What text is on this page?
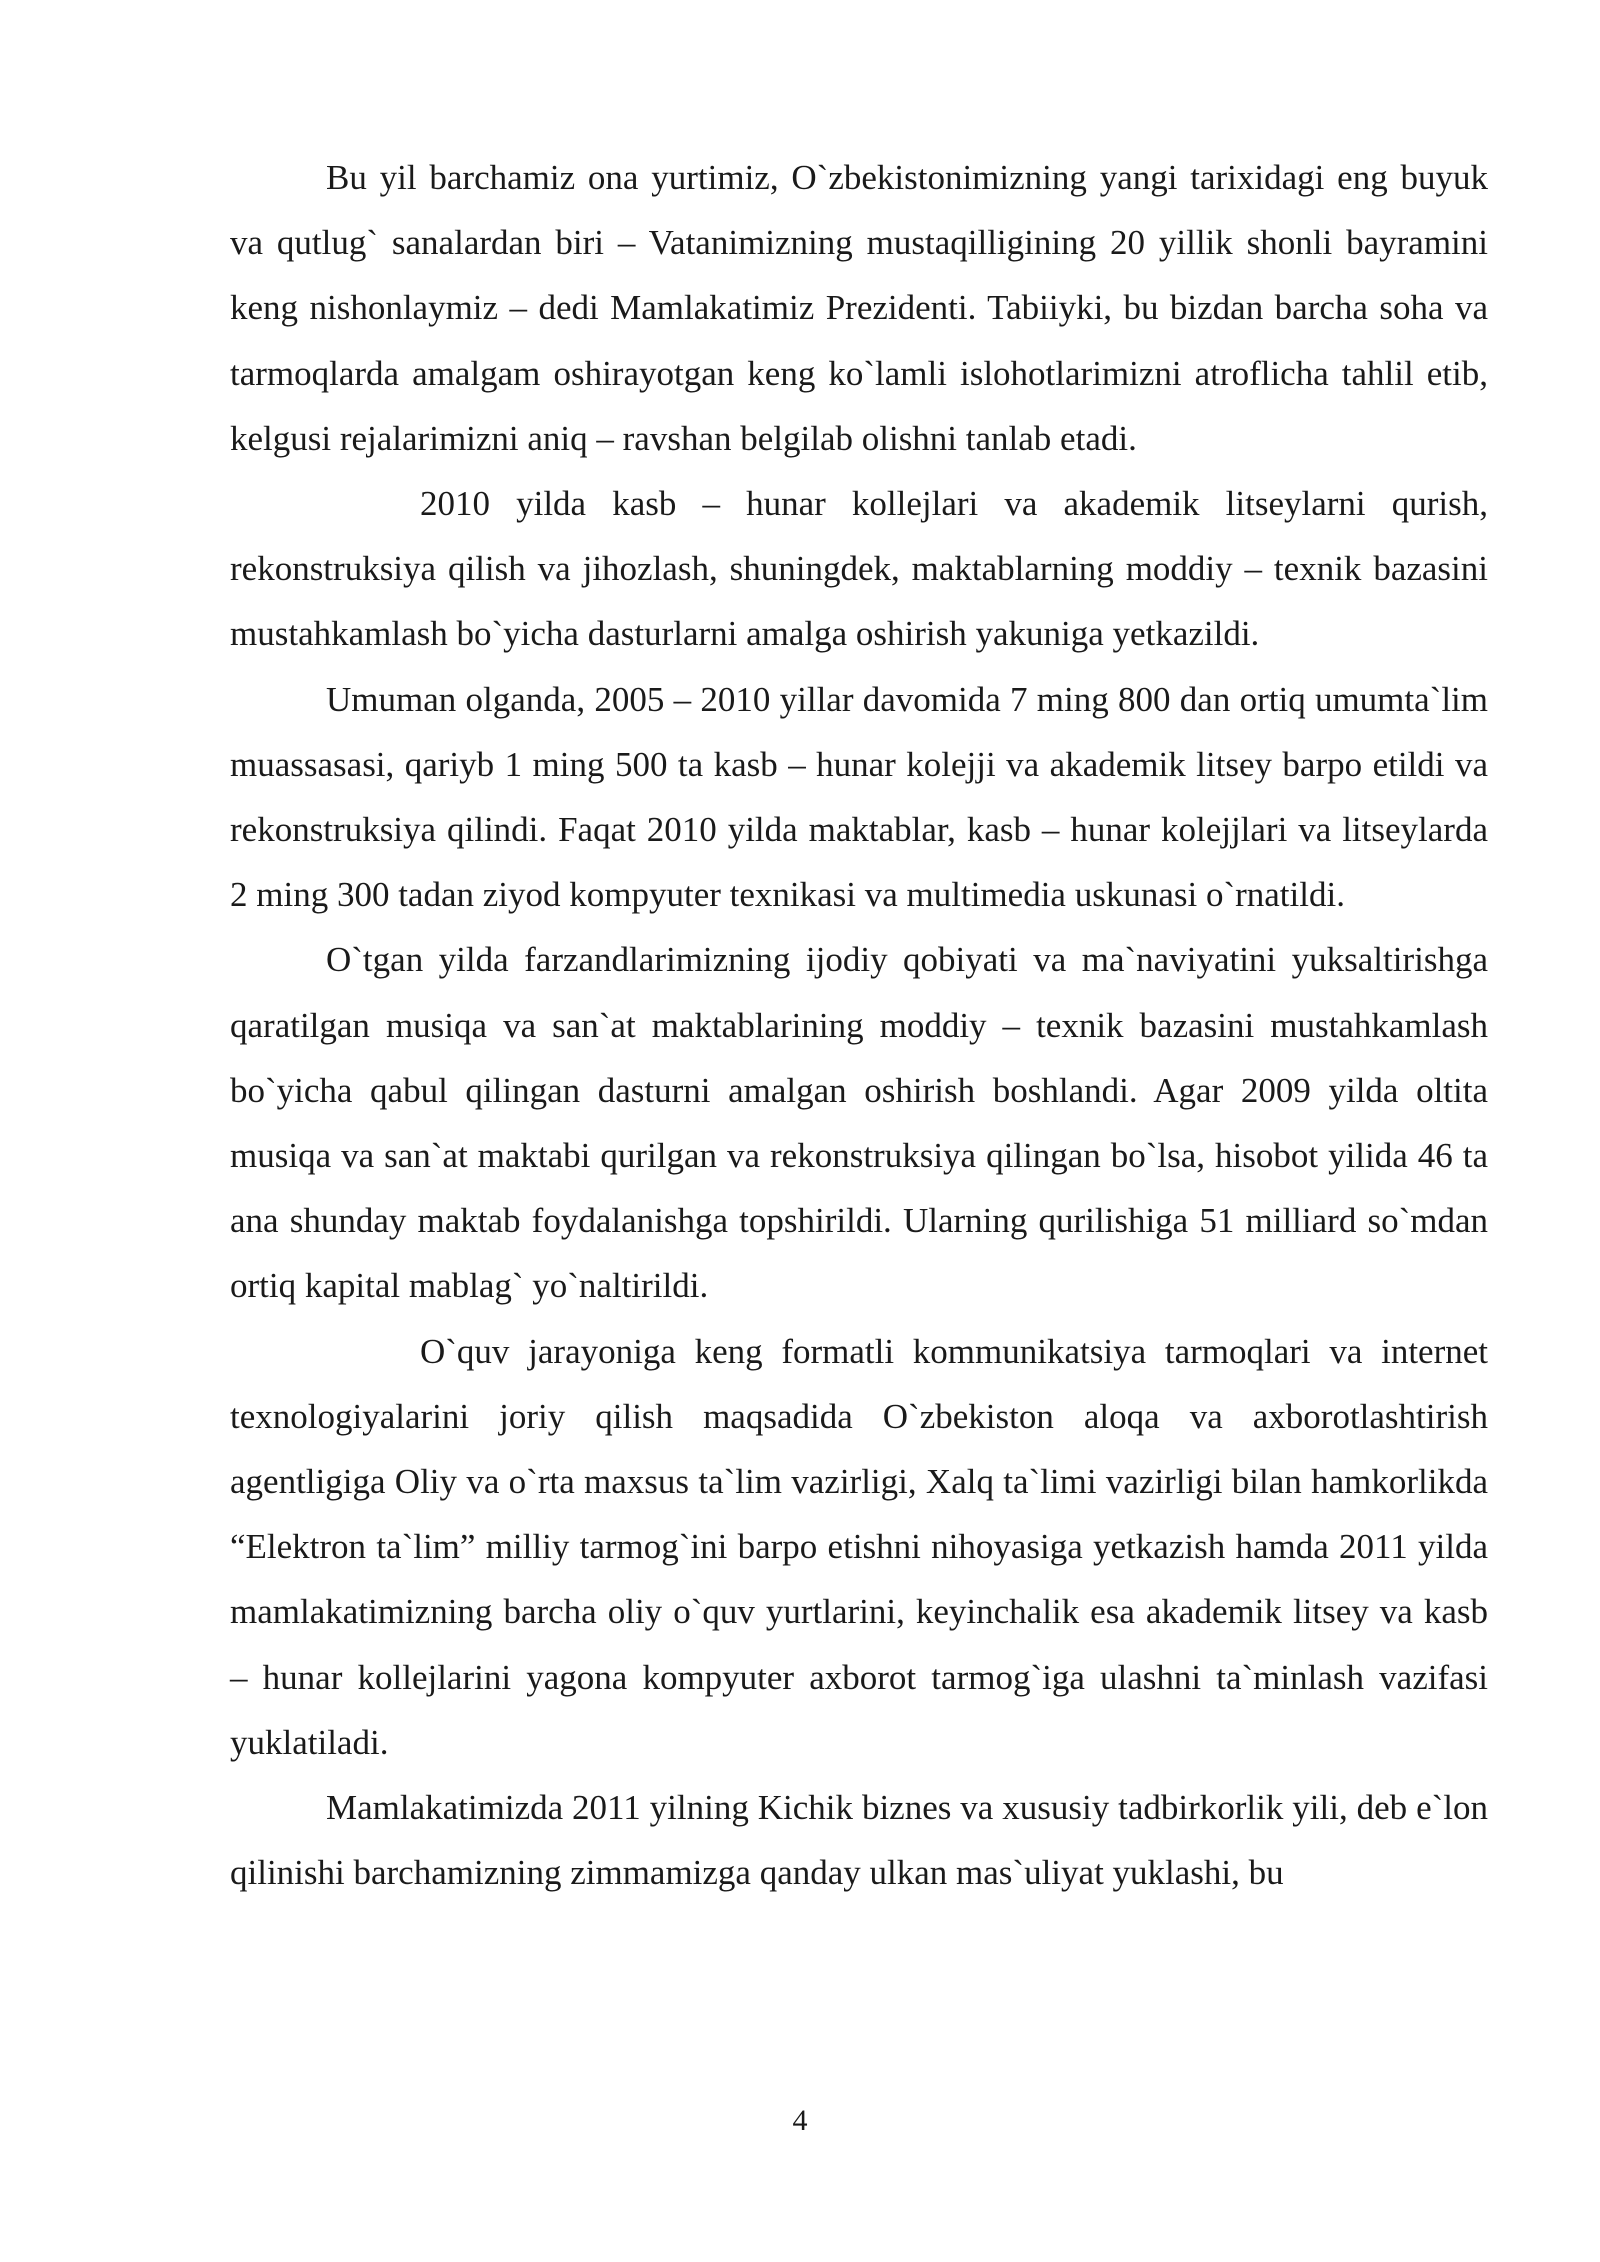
Bu yil barchamiz ona yurtimiz, O`zbekistonimizning yangi tarixidagi eng buyuk va qutlug` sanalardan biri – Vatanimizning mustaqilligining 20 yillik shonli bayramini keng nishonlaymiz – dedi Mamlakatimiz Prezidenti. Tabiiyki, bu bizdan barcha soha va tarmoqlarda amalgam oshirayotgan keng ko`lamli islohotlarimizni atroflicha tahlil etib, kelgusi rejalarimizni aniq – ravshan belgilab olishni tanlab etadi.

2010 yilda kasb – hunar kollejlari va akademik litseylarni qurish, rekonstruksiya qilish va jihozlash, shuningdek, maktablarning moddiy – texnik bazasini mustahkamlash bo`yicha dasturlarni amalga oshirish yakuniga yetkazildi.

Umuman olganda, 2005 – 2010 yillar davomida 7 ming 800 dan ortiq umumta`lim muassasasi, qariyb 1 ming 500 ta kasb – hunar kolejji va akademik litsey barpo etildi va rekonstruksiya qilindi. Faqat 2010 yilda maktablar, kasb – hunar kolejjlari va litseylarda 2 ming 300 tadan ziyod kompyuter texnikasi va multimedia uskunasi o`rnatildi.

O`tgan yilda farzandlarimizning ijodiy qobiyati va ma`naviyatini yuksaltirishga qaratilgan musiqa va san`at maktablarining moddiy – texnik bazasini mustahkamlash bo`yicha qabul qilingan dasturni amalgan oshirish boshlandi. Agar 2009 yilda oltita musiqa va san`at maktabi qurilgan va rekonstruksiya qilingan bo`lsa, hisobot yilida 46 ta ana shunday maktab foydalanishga topshirildi. Ularning qurilishiga 51 milliard so`mdan ortiq kapital mablag` yo`naltirildi.

O`quv jarayoniga keng formatli kommunikatsiya tarmoqlari va internet texnologiyalarini joriy qilish maqsadida O`zbekiston aloqa va axborotlashtirish agentligiga Oliy va o`rta maxsus ta`lim vazirligi, Xalq ta`limi vazirligi bilan hamkorlikda “Elektron ta`lim” milliy tarmog`ini barpo etishni nihoyasiga yetkazish hamda 2011 yilda mamlakatimizning barcha oliy o`quv yurtlarini, keyinchalik esa akademik litsey va kasb – hunar kollejlarini yagona kompyuter axborot tarmog`iga ulashni ta`minlash vazifasi yuklatiladi.

Mamlakatimizda 2011 yilning Kichik biznes va xususiy tadbirkorlik yili, deb e`lon qilinishi barchamizning zimmamizga qanday ulkan mas`uliyat yuklashi, bu

4
